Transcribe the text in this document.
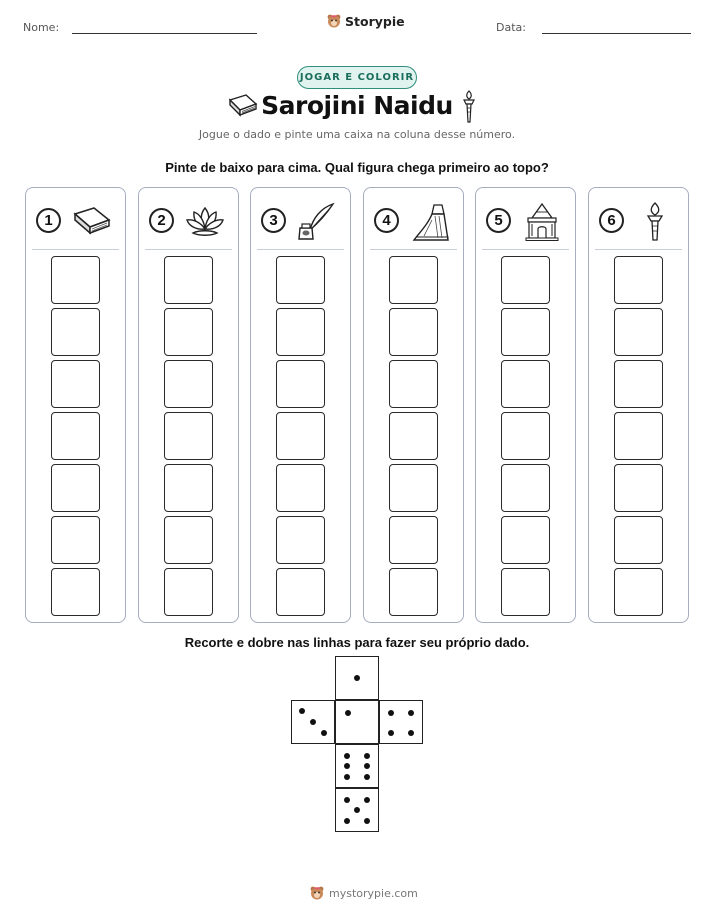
Nome:	Storypie	Data:
JOGAR E COLORIR
Sarojini Naidu
Jogue o dado e pinte uma caixa na coluna desse número.
Pinte de baixo para cima. Qual figura chega primeiro ao topo?
1	2	3	4	5	6
Recorte e dobre nas linhas para fazer seu próprio dado.
mystorypie.com
